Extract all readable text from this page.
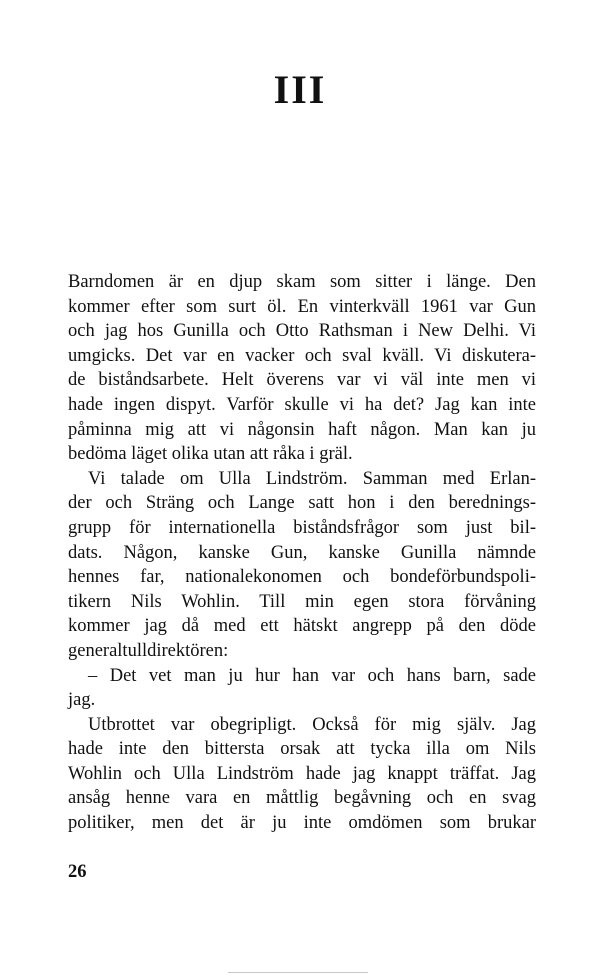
III
Barndomen är en djup skam som sitter i länge. Den
kommer efter som surt öl. En vinterkväll 1961 var Gun
och jag hos Gunilla och Otto Rathsman i New Delhi. Vi
umgicks. Det var en vacker och sval kväll. Vi diskutera-
de biståndsarbete. Helt överens var vi väl inte men vi
hade ingen dispyt. Varför skulle vi ha det? Jag kan inte
påminna mig att vi någonsin haft någon. Man kan ju
bedöma läget olika utan att råka i gräl.
Vi talade om Ulla Lindström. Samman med Erlan-
der och Sträng och Lange satt hon i den berednings-
grupp för internationella biståndsfrågor som just bil-
dats. Någon, kanske Gun, kanske Gunilla nämnde
hennes far, nationalekonomen och bondeförbundspoli-
tikern Nils Wohlin. Till min egen stora förvåning
kommer jag då med ett hätskt angrepp på den döde
generaltulldirektören:
– Det vet man ju hur han var och hans barn, sade
jag.
Utbrottet var obegripligt. Också för mig själv. Jag
hade inte den bittersta orsak att tycka illa om Nils
Wohlin och Ulla Lindström hade jag knappt träffat. Jag
ansåg henne vara en måttlig begåvning och en svag
politiker, men det är ju inte omdömen som brukar
26
